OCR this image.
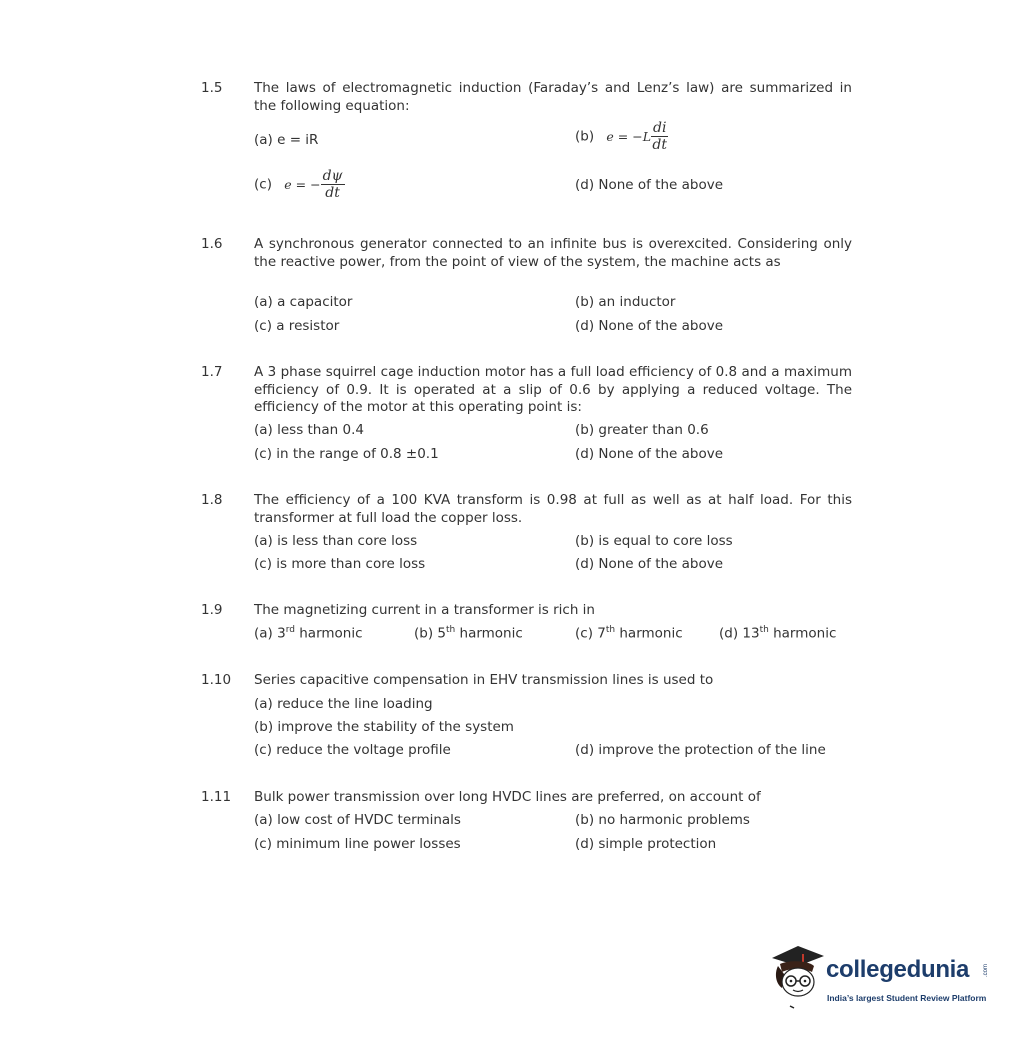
1.5 The laws of electromagnetic induction (Faraday’s and Lenz’s law) are summarized in the following equation:
(a) e = iR	(b) $e = -L \frac{di}{dt}$
(c) e = − $\frac{d\psi}{dt}$	(d) None of the above
1.6 A synchronous generator connected to an infinite bus is overexcited. Considering only the reactive power, from the point of view of the system, the machine acts as
(a) a capacitor	(b) an inductor
(c) a resistor	(d) None of the above
1.7 A 3 phase squirrel cage induction motor has a full load efficiency of 0.8 and a maximum efficiency of 0.9. It is operated at a slip of 0.6 by applying a reduced voltage. The efficiency of the motor at this operating point is:
(a) less than 0.4	(b) greater than 0.6
(c) in the range of 0.8 ±0.1	(d) None of the above
1.8 The efficiency of a 100 KVA transform is 0.98 at full as well as at half load. For this transformer at full load the copper loss.
(a) is less than core loss	(b) is equal to core loss
(c) is more than core loss	(d) None of the above
1.9 The magnetizing current in a transformer is rich in
(a) 3rd harmonic	(b) 5th harmonic	(c) 7th harmonic	(d) 13th harmonic
1.10 Series capacitive compensation in EHV transmission lines is used to
(a) reduce the line loading
(b) improve the stability of the system
(c) reduce the voltage profile	(d) improve the protection of the line
1.11 Bulk power transmission over long HVDC lines are preferred, on account of
(a) low cost of HVDC terminals	(b) no harmonic problems
(c) minimum line power losses	(d) simple protection
collegedunia .com
India’s largest Student Review Platform
